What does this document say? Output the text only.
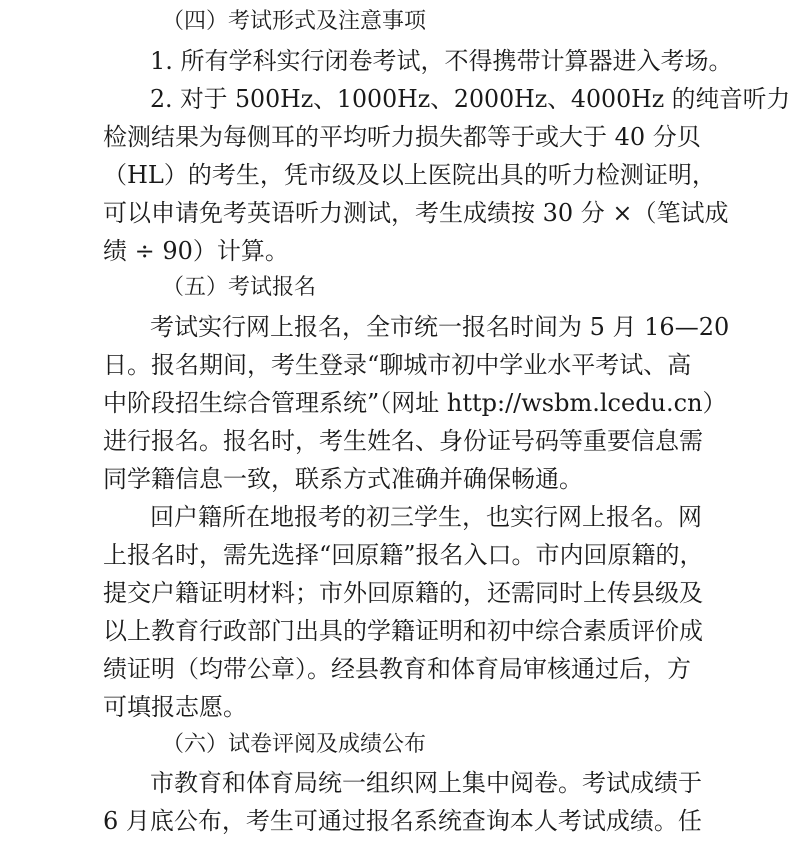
（四）考试形式及注意事项
1. 所有学科实行闭卷考试，不得携带计算器进入考场。
2. 对于 500Hz、1000Hz、2000Hz、4000Hz 的纯音听力
检测结果为每侧耳的平均听力损失都等于或大于 40 分贝
（HL）的考生，凭市级及以上医院出具的听力检测证明，
可以申请免考英语听力测试，考生成绩按 30 分 ×（笔试成
绩 ÷ 90）计算。
（五）考试报名
考试实行网上报名，全市统一报名时间为 5 月 16—20
日。报名期间，考生登录“聊城市初中学业水平考试、高
中阶段招生综合管理系统”（网址 http://wsbm.lcedu.cn）
进行报名。报名时，考生姓名、身份证号码等重要信息需
同学籍信息一致，联系方式准确并确保畅通。
回户籍所在地报考的初三学生，也实行网上报名。网
上报名时，需先选择“回原籍”报名入口。市内回原籍的，
提交户籍证明材料；市外回原籍的，还需同时上传县级及
以上教育行政部门出具的学籍证明和初中综合素质评价成
绩证明（均带公章）。经县教育和体育局审核通过后，方
可填报志愿。
（六）试卷评阅及成绩公布
市教育和体育局统一组织网上集中阅卷。考试成绩于
6 月底公布，考生可通过报名系统查询本人考试成绩。任
